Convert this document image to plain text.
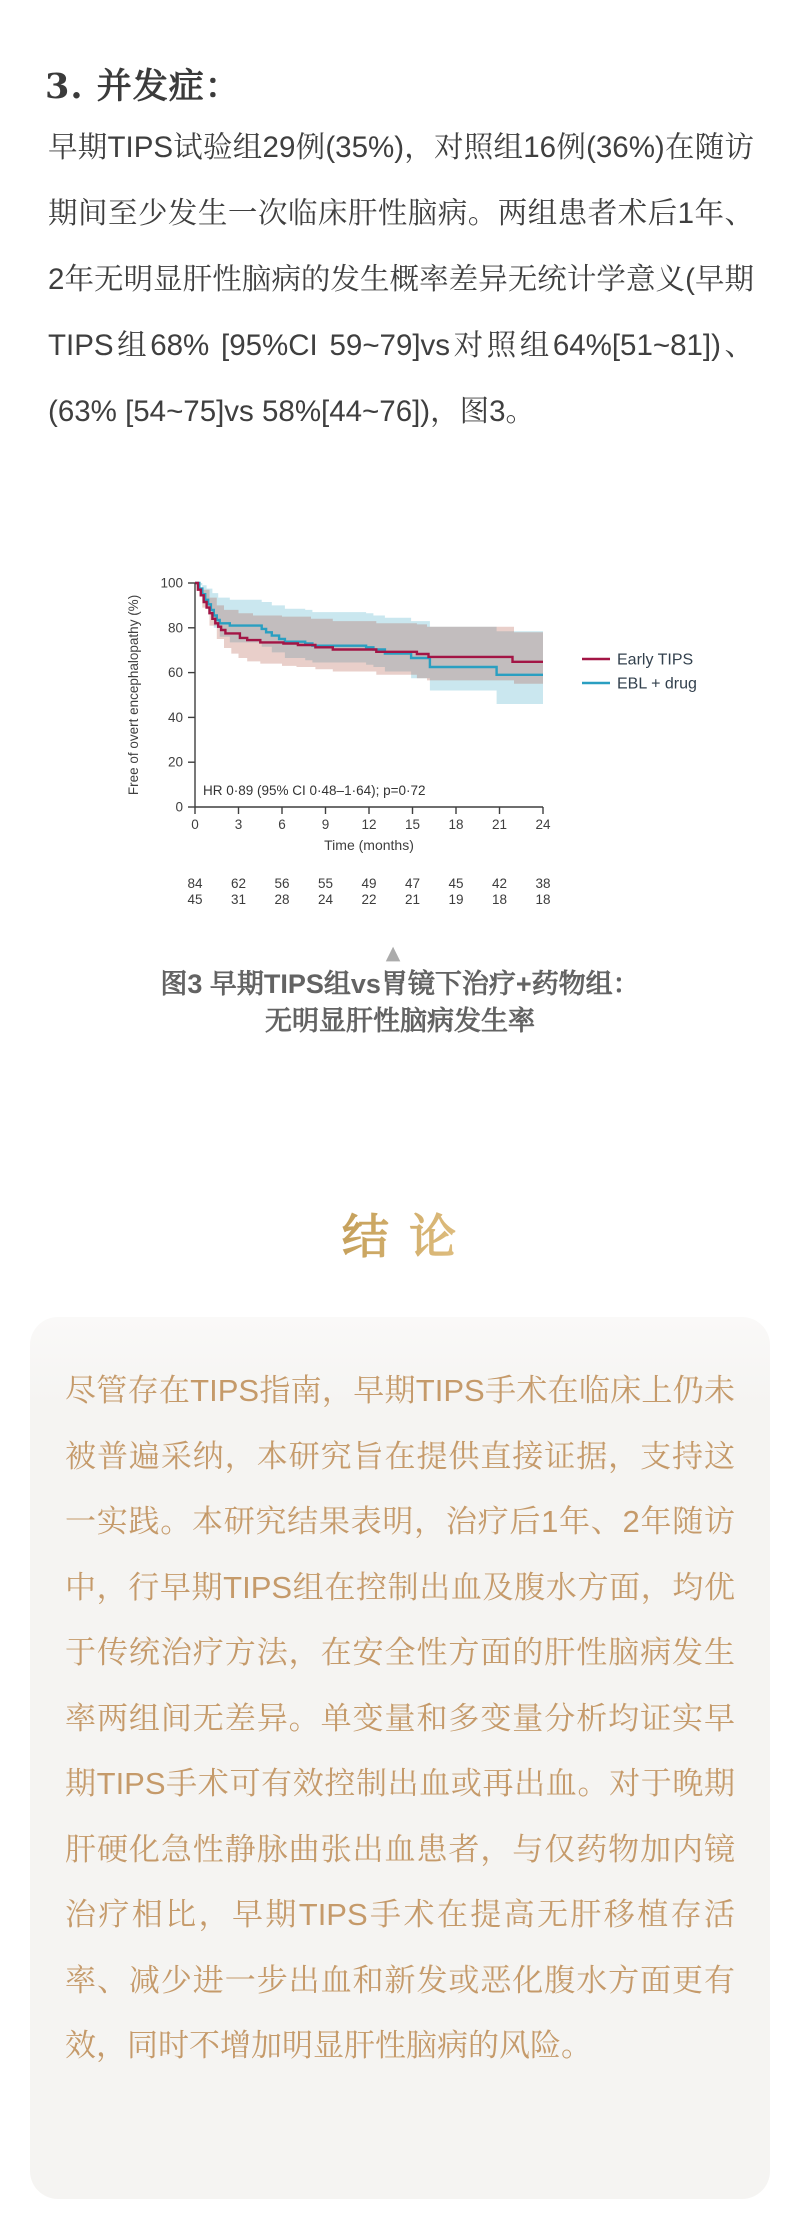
3. 并发症：

早期TIPS试验组29例(35%)，对照组16例(36%)在随访期间至少发生一次临床肝性脑病。两组患者术后1年、2年无明显肝性脑病的发生概率差异无统计学意义(早期TIPS组68% [95%CI 59~79]vs对照组64%[51~81])、(63% [54~75]vs 58%[44~76])，图3。

0
20
40
60
80
100
0	3	6	9 12 15 18 21 24
Time (months)
Free of overt encephalopathy (%)	HR 0·89 (95% CI 0·48–1·64); p=0·72
Early TIPS
EBL + drug
84 62 56 55 49 47 45 42 38
45 31 28 24 22 21 19 18 18
▲
图3 早期TIPS组vs胃镜下治疗+药物组：
无明显肝性脑病发生率
结 论

尽管存在TIPS指南，早期TIPS手术在临床上仍未被普遍采纳，本研究旨在提供直接证据，支持这一实践。本研究结果表明，治疗后1年、2年随访中，行早期TIPS组在控制出血及腹水方面，均优于传统治疗方法，在安全性方面的肝性脑病发生率两组间无差异。单变量和多变量分析均证实早期TIPS手术可有效控制出血或再出血。对于晚期肝硬化急性静脉曲张出血患者，与仅药物加内镜治疗相比，早期TIPS手术在提高无肝移植存活率、减少进一步出血和新发或恶化腹水方面更有效，同时不增加明显肝性脑病的风险。
